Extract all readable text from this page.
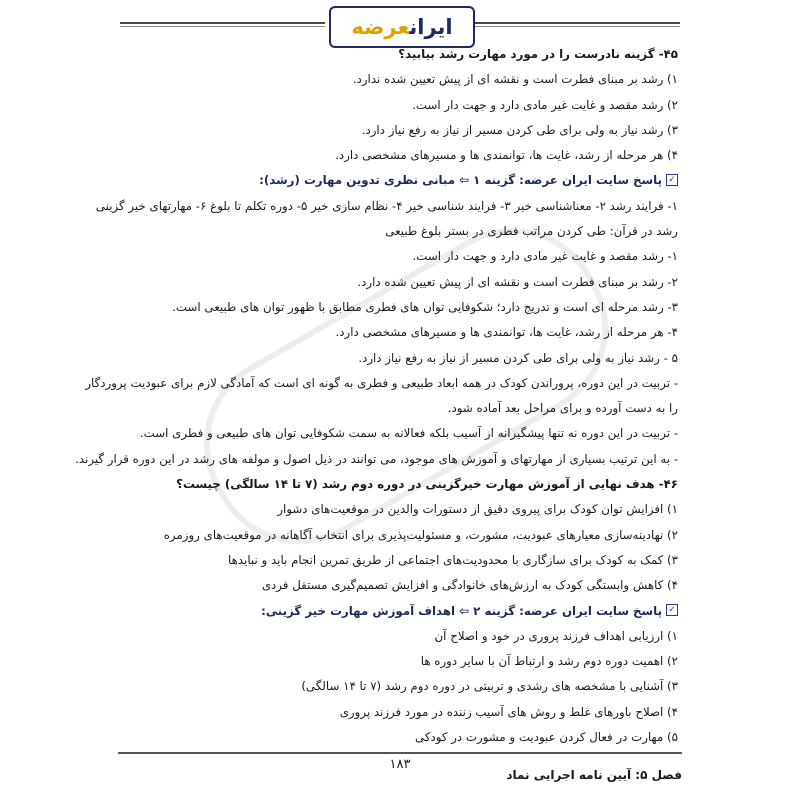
ایرانعرضه
۴۵- گزینه نادرست را در مورد مهارت رشد بیابید؟
۱) رشد بر مبنای فطرت است و نقشه ای از پیش تعیین شده ندارد.
۲) رشد مقصد و غایت غیر مادی دارد و جهت دار است.
۳) رشد نیاز به ولی برای طی کردن مسیر از نیاز به رفع نیاز دارد.
۴) هر مرحله از رشد، غایت ها، توانمندی ها و مسیرهای مشخصی دارد.
✓پاسخ سایت ایران عرضه: گزینه ۱ ⇦ مبانی نظری تدوین مهارت (رشد):
۱- فرایند رشد ۲- معناشناسی خیر ۳- فرایند شناسی خیر ۴- نظام سازی خیر ۵- دوره تکلم تا بلوغ ۶- مهارتهای خیر گزینی
رشد در قرآن: طی کردن مراتب فطری در بستر بلوغ طبیعی
۱- رشد مقصد و غایت غیر مادی دارد و جهت دار است.
۲- رشد بر مبنای فطرت است و نقشه ای از پیش تعیین شده دارد.
۳- رشد مرحله ای است و تدریج دارد؛ شکوفایی توان های فطری مطابق با ظهور توان های طبیعی است.
۴- هر مرحله از رشد، غایت ها، توانمندی ها و مسیرهای مشخصی دارد.
۵ - رشد نیاز به ولی برای طی کردن مسیر از نیاز به رفع نیاز دارد.
- تربیت در این دوره، پروراندن کودک در همه ابعاد طبیعی و فطری به گونه ای است که آمادگی لازم برای عبودیت پروردگار
را به دست آورده و برای مراحل بعد آماده شود.
- تربیت در این دوره نه تنها پیشگیرانه از آسیب بلکه فعالانه به سمت شکوفایی توان های طبیعی و فطری است.
- به این ترتیب بسیاری از مهارتهای و آموزش های موجود، می توانند در ذیل اصول و مولفه های رشد در این دوره قرار گیرند.
۴۶- هدف نهایی از آموزش مهارت خیرگزینی در دوره دوم رشد (۷ تا ۱۴ سالگی) چیست؟
۱) افزایش توان کودک برای پیروی دقیق از دستورات والدین در موقعیت‌های دشوار
۲) نهادینه‌سازی معیارهای عبودیت، مشورت، و مسئولیت‌پذیری برای انتخاب آگاهانه در موقعیت‌های روزمره
۳) کمک به کودک برای سازگاری با محدودیت‌های اجتماعی از طریق تمرین انجام باید و نبایدها
۴) کاهش وابستگی کودک به ارزش‌های خانوادگی و افزایش تصمیم‌گیری مستقل فردی
✓پاسخ سایت ایران عرضه: گزینه ۲ ⇦ اهداف آموزش مهارت خیر گزینی:
۱) ارزیابی اهداف فرزند پروری در خود و اصلاح آن
۲) اهمیت دوره دوم رشد و ارتباط آن با سایر دوره ها
۳) آشنایی با مشخصه های رشدی و تربیتی در دوره دوم رشد (۷ تا ۱۴ سالگی)
۴) اصلاح باورهای غلط و روش های آسیب زننده در مورد فرزند پروری
۵) مهارت در فعال کردن عبودیت و مشورت در کودکی
۱۸۳
فصل ۵: آیین نامه اجرایی نماد
